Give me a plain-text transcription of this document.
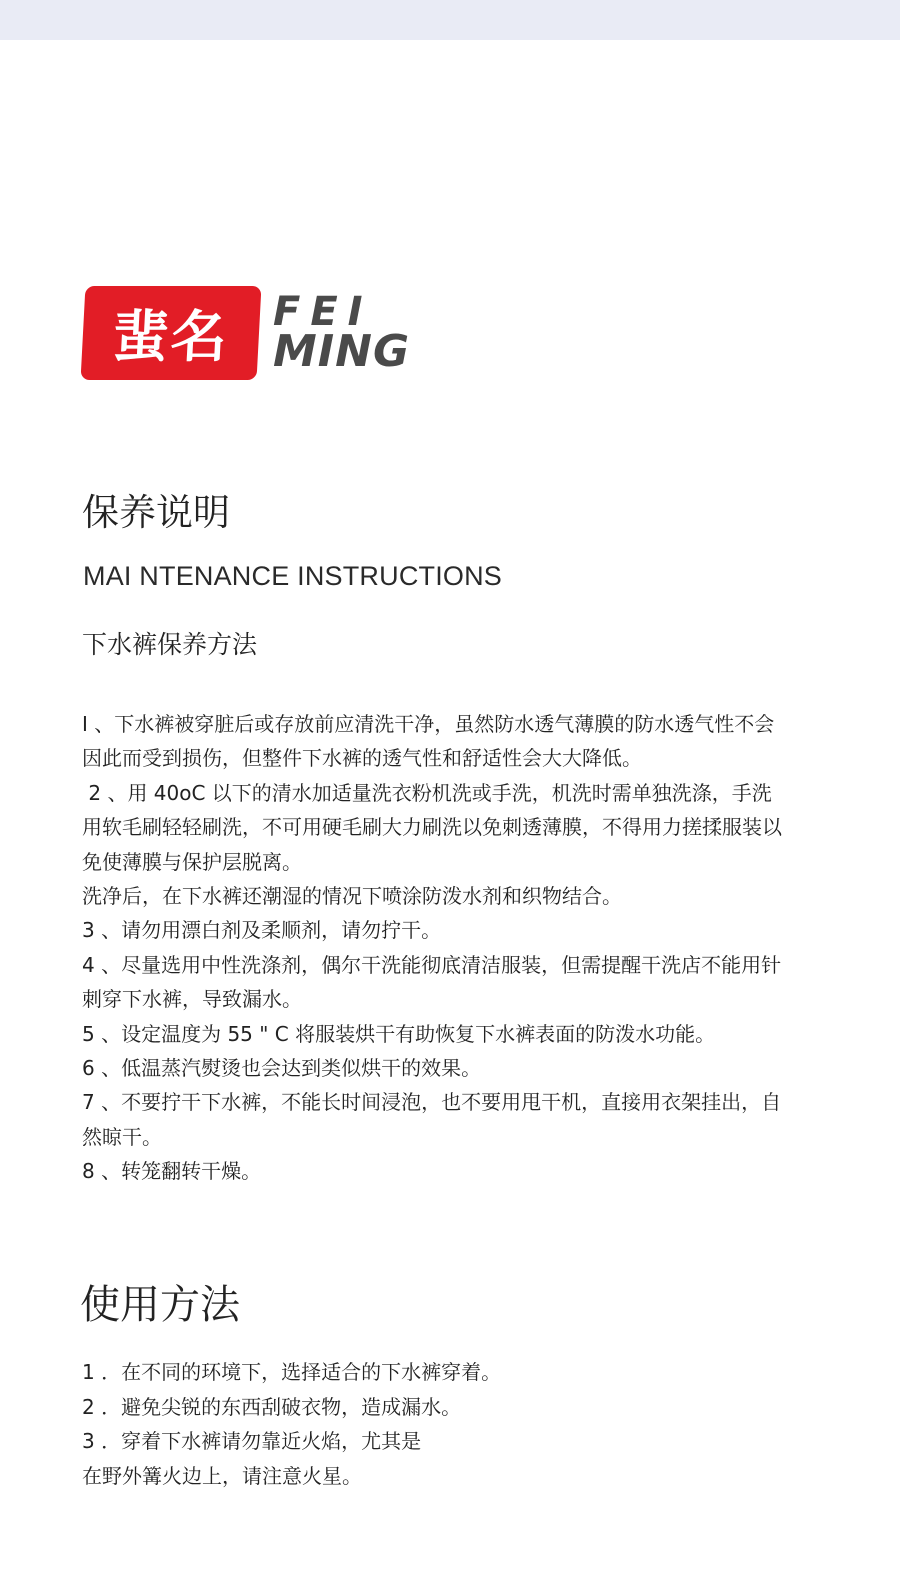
蜚名 FEI
MING
保养说明
MAI NTENANCE INSTRUCTIONS
下水裤保养方法

I 、下水裤被穿脏后或存放前应清洗干净，虽然防水透气薄膜的防水透气性不会因此而受到损伤，但整件下水裤的透气性和舒适性会大大降低。

2 、用 40oC 以下的清水加适量洗衣粉机洗或手洗，机洗时需单独洗涤，手洗用软毛刷轻轻刷洗，不可用硬毛刷大力刷洗以免刺透薄膜，不得用力搓揉服装以免使薄膜与保护层脱离。

洗净后，在下水裤还潮湿的情况下喷涂防泼水剂和织物结合。

3 、请勿用漂白剂及柔顺剂，请勿拧干。

4 、尽量选用中性洗涤剂，偶尔干洗能彻底清洁服装，但需提醒干洗店不能用针刺穿下水裤，导致漏水。

5 、设定温度为 55 " C 将服装烘干有助恢复下水裤表面的防泼水功能。

6 、低温蒸汽熨烫也会达到类似烘干的效果。

7 、不要拧干下水裤，不能长时间浸泡，也不要用甩干机，直接用衣架挂出，自然晾干。

8 、转笼翻转干燥。

使用方法

1 ．在不同的环境下，选择适合的下水裤穿着。

2 ．避免尖锐的东西刮破衣物，造成漏水。

3 ．穿着下水裤请勿靠近火焰，尤其是

在野外篝火边上，请注意火星。
